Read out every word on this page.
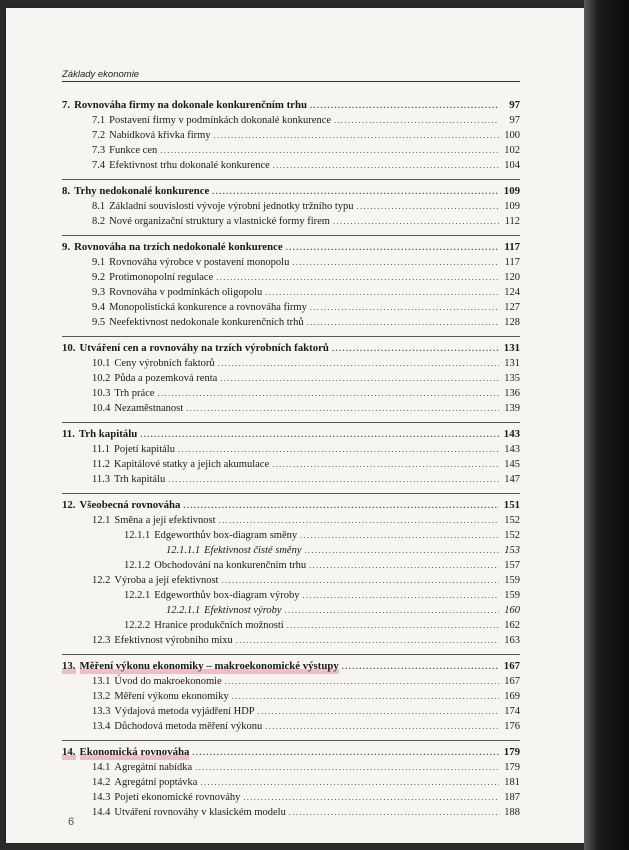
Základy ekonomie
7. Rovnováha firmy na dokonale konkurenčním trhu .....	97
7.1 Postavení firmy v podmínkách dokonalé konkurence .....	97
7.2 Nabídková křivka firmy .....	100
7.3 Funkce cen .....	102
7.4 Efektivnost trhu dokonalé konkurence .....	104
8. Trhy nedokonalé konkurence .....	109
8.1 Základní souvislosti vývoje výrobní jednotky tržního typu .....	109
8.2 Nové organizační struktury a vlastnické formy firem .....	112
9. Rovnováha na trzích nedokonalé konkurence .....	117
9.1 Rovnováha výrobce v postavení monopolu .....	117
9.2 Protimonopolní regulace .....	120
9.3 Rovnováha v podmínkách oligopolu .....	124
9.4 Monopolistická konkurence a rovnováha firmy .....	127
9.5 Neefektivnost nedokonale konkurenčních trhů .....	128
10. Utváření cen a rovnováhy na trzích výrobních faktorů .....	131
10.1 Ceny výrobních faktorů .....	131
10.2 Půda a pozemková renta .....	135
10.3 Trh práce .....	136
10.4 Nezaměstnanost .....	139
11. Trh kapitálu .....	143
11.1 Pojetí kapitálu .....	143
11.2 Kapitálové statky a jejich akumulace .....	145
11.3 Trh kapitálu .....	147
12. Všeobecná rovnováha .....	151
12.1 Směna a její efektivnost .....	152
12.1.1 Edgeworthův box-diagram směny .....	152
12.1.1.1 Efektivnost čisté směny .....	153
12.1.2 Obchodování na konkurenčním trhu .....	157
12.2 Výroba a její efektivnost .....	159
12.2.1 Edgeworthův box-diagram výroby .....	159
12.2.1.1 Efektivnost výroby .....	160
12.2.2 Hranice produkčních možností .....	162
12.3 Efektivnost výrobního mixu .....	163
13. Měření výkonu ekonomiky – makroekonomické výstupy .....	167
13.1 Úvod do makroekonomie .....	167
13.2 Měření výkonu ekonomiky .....	169
13.3 Výdajová metoda vyjádření HDP .....	174
13.4 Důchodová metoda měření výkonu .....	176
14. Ekonomická rovnováha .....	179
14.1 Agregátní nabídka .....	179
14.2 Agregátní poptávka .....	181
14.3 Pojetí ekonomické rovnováhy .....	187
14.4 Utváření rovnováhy v klasickém modelu .....	188
6
